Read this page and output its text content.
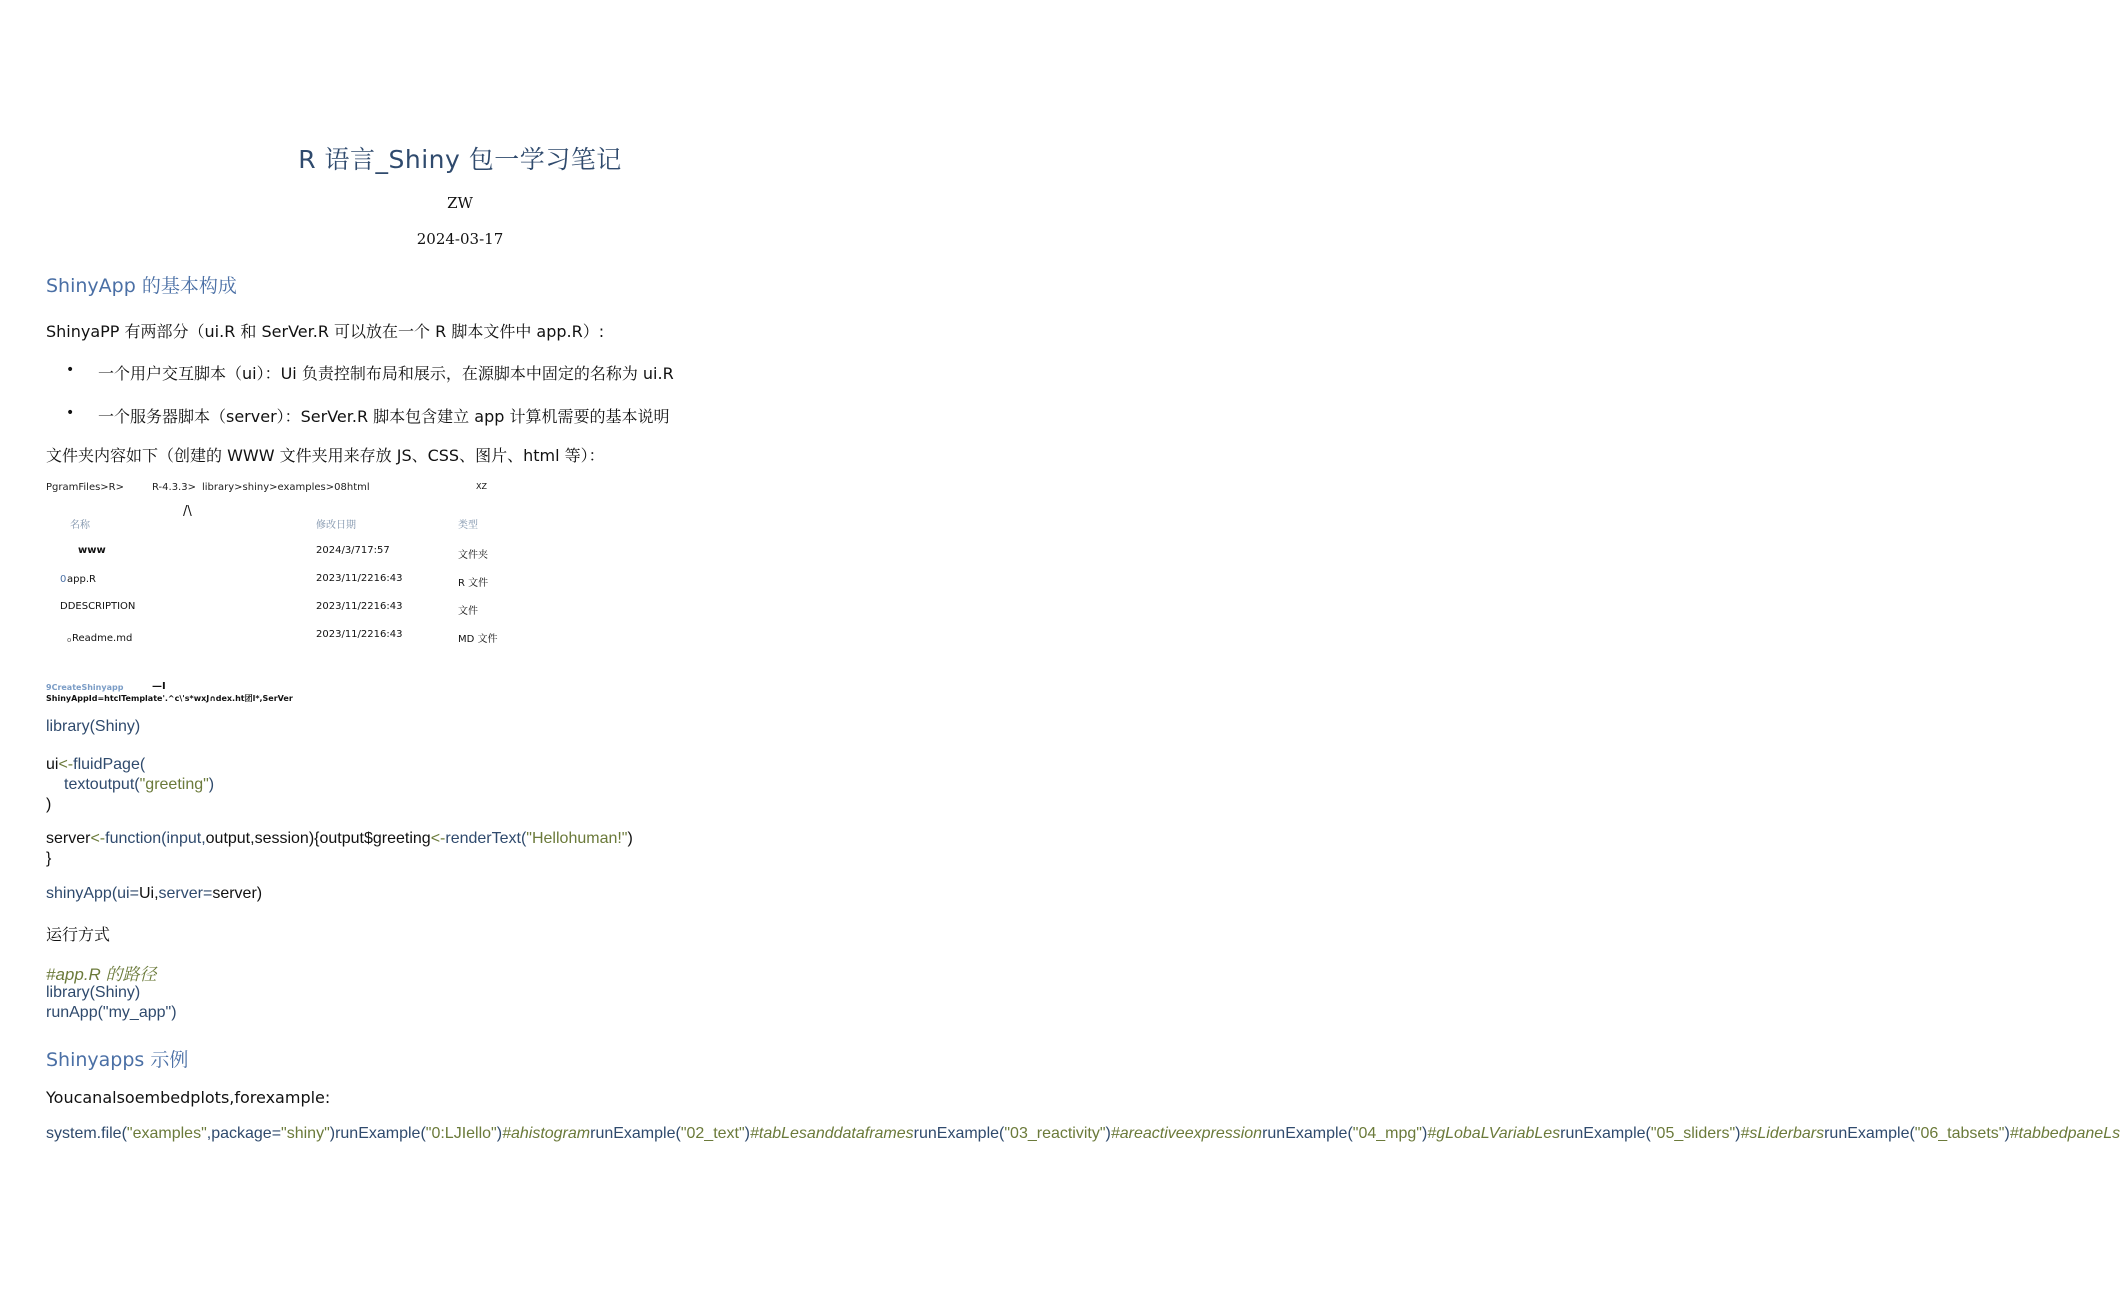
R 语言_Shiny 包一学习笔记
ZW
2024-03-17
ShinyApp 的基本构成
ShinyaPP 有两部分（ui.R 和 SerVer.R 可以放在一个 R 脚本文件中 app.R）:
• 一个用户交互脚本（ui）：Ui 负责控制布局和展示，在源脚本中固定的名称为 ui.R
• 一个服务器脚本（server）：SerVer.R 脚本包含建立 app 计算机需要的基本说明
文件夹内容如下（创建的 WWW 文件夹用来存放 JS、CSS、图片、html 等）：
PgramFiles>R>	R-4.3.3> library>shiny>examples>08html	XZ
/\
名称	修改日期	类型
www	2024/3/717:57	文件夹
0 app.R	2023/11/2216:43	R 文件
DDESCRIPTION	2023/11/2216:43	文件
o Readme.md	2023/11/2216:43	MD 文件
9CreateShinyapp	—I
ShinyAppId=htclTemplate'.^c\'s*wxJ∩dex.ht团l*,SerVer
library(Shiny)
ui<-fluidPage(
textoutput("greeting")
)
server<-function(input,output,session){output$greeting<-renderText("Hellohuman!")
}
shinyApp(ui=Ui,server=server)
运行方式
#app.R 的路径
library(Shiny)
runApp("my_app")
Shinyapps 示例
Youcanalsoembedplots,forexample:
system.file("examples",package="shiny")runExample("0:LJIello")#ahistogramrunExample("02_text")#tabLesanddataframesrunExample("03_reactivity")#areactiveexpressionrunExample("04_mpg")#gLobaLVariabLesrunExample("05_sliders")#sLiderbarsrunExample("06_tabsets")#tabbedpaneLs
